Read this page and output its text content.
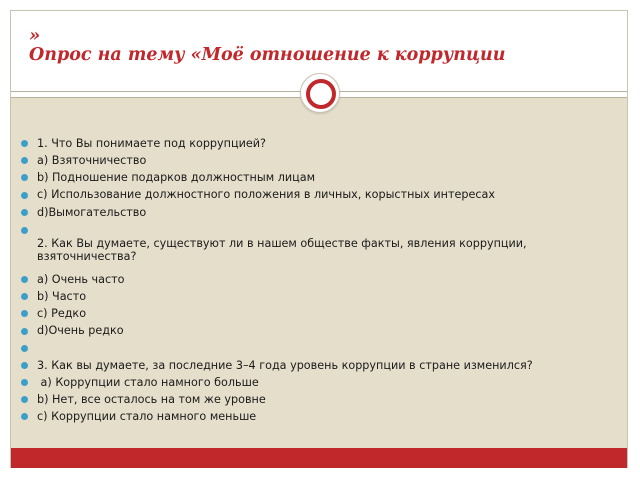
»
Опрос на тему «Моё отношение к коррупции
1. Что Вы понимаете под коррупцией?
a) Взяточничество
b) Подношение подарков должностным лицам
c) Использование должностного положения в личных, корыстных интересах
d)Вымогательство
2. Как Вы думаете, существуют ли в нашем обществе факты, явления коррупции, взяточничества?
a) Очень часто
b) Часто
c) Редко
d)Очень редко
3. Как вы думаете, за последние 3–4 года уровень коррупции в стране изменился?
a) Коррупции стало намного больше
b) Нет, все осталось на том же уровне
c) Коррупции стало намного меньше
